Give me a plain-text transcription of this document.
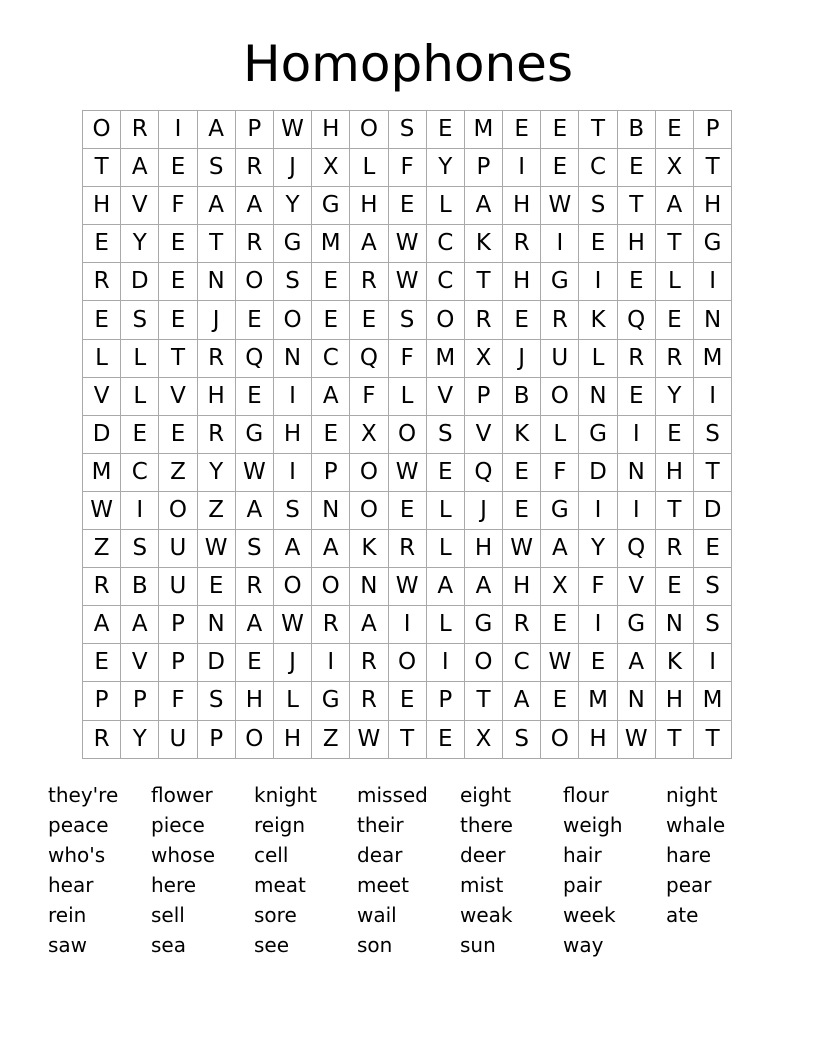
Homophones
O	R	I	A	P	W	H	O	S	E	M	E	E	T	B	E	P
T	A	E	S	R	J	X	L	F	Y	P	I	E	C	E	X	T
H	V	F	A	A	Y	G	H	E	L	A	H	W	S	T	A	H
E	Y	E	T	R	G	M	A	W	C	K	R	I	E	H	T	G
R	D	E	N	O	S	E	R	W	C	T	H	G	I	E	L	I
E	S	E	J	E	O	E	E	S	O	R	E	R	K	Q	E	N
L	L	T	R	Q	N	C	Q	F	M	X	J	U	L	R	R	M
V	L	V	H	E	I	A	F	L	V	P	B	O	N	E	Y	I
D	E	E	R	G	H	E	X	O	S	V	K	L	G	I	E	S
M	C	Z	Y	W	I	P	O	W	E	Q	E	F	D	N	H	T
W	I	O	Z	A	S	N	O	E	L	J	E	G	I	I	T	D
Z	S	U	W	S	A	A	K	R	L	H	W	A	Y	Q	R	E
R	B	U	E	R	O	O	N	W	A	A	H	X	F	V	E	S
A	A	P	N	A	W	R	A	I	L	G	R	E	I	G	N	S
E	V	P	D	E	J	I	R	O	I	O	C	W	E	A	K	I
P	P	F	S	H	L	G	R	E	P	T	A	E	M	N	H	M
R	Y	U	P	O	H	Z	W	T	E	X	S	O	H	W	T	T
they're	flower	knight	missed	eight	flour	night
peace	piece	reign	their	there	weigh	whale
who's	whose	cell	dear	deer	hair	hare
hear	here	meat	meet	mist	pair	pear
rein	sell	sore	wail	weak	week	ate
saw	sea	see	son	sun	way
